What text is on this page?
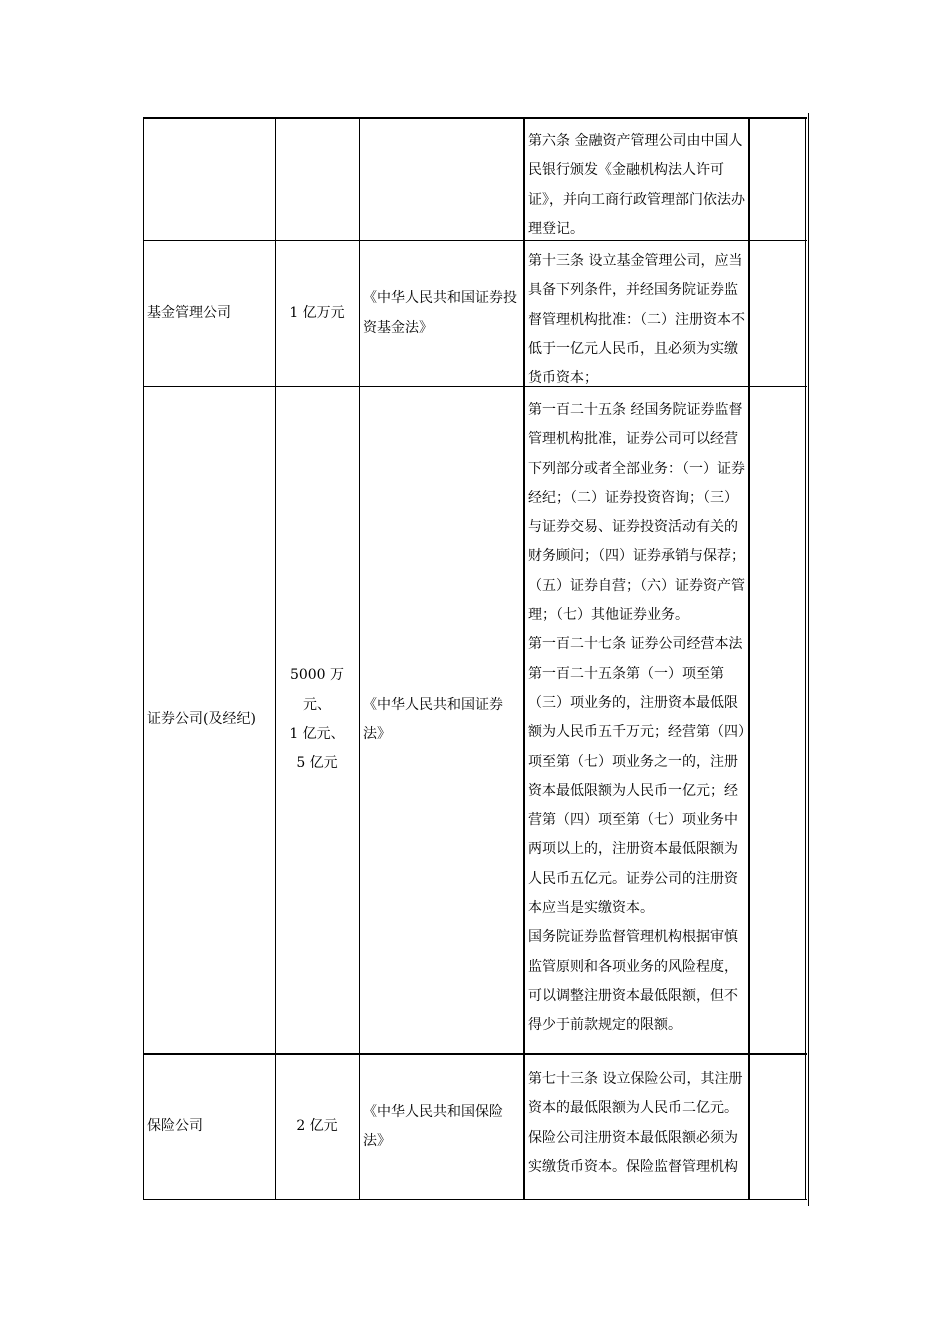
第六条 金融资产管理公司由中国人民银行颁发《金融机构法人许可证》，并向工商行政管理部门依法办理登记。

基金管理公司	1 亿万元
《中华人民共和国证券投资基金法》

第十三条 设立基金管理公司，应当具备下列条件，并经国务院证券监督管理机构批准：（二）注册资本不低于一亿元人民币，且必须为实缴货币资本；

证券公司(及经纪)
5000 万元、
1 亿元、
5 亿元
《中华人民共和国证券法》

第一百二十五条 经国务院证券监督管理机构批准，证券公司可以经营下列部分或者全部业务：（一）证券经纪；（二）证券投资咨询；（三）与证券交易、证券投资活动有关的财务顾问；（四）证券承销与保荐；（五）证券自营；（六）证券资产管理；（七）其他证券业务。

第一百二十七条 证券公司经营本法第一百二十五条第（一）项至第（三）项业务的，注册资本最低限额为人民币五千万元；经营第（四）项至第（七）项业务之一的，注册资本最低限额为人民币一亿元；经营第（四）项至第（七）项业务中两项以上的，注册资本最低限额为人民币五亿元。证券公司的注册资本应当是实缴资本。

国务院证券监督管理机构根据审慎监管原则和各项业务的风险程度，可以调整注册资本最低限额，但不得少于前款规定的限额。

保险公司	2 亿元
《中华人民共和国保险法》

第七十三条 设立保险公司，其注册资本的最低限额为人民币二亿元。

保险公司注册资本最低限额必须为实缴货币资本。保险监督管理机构
